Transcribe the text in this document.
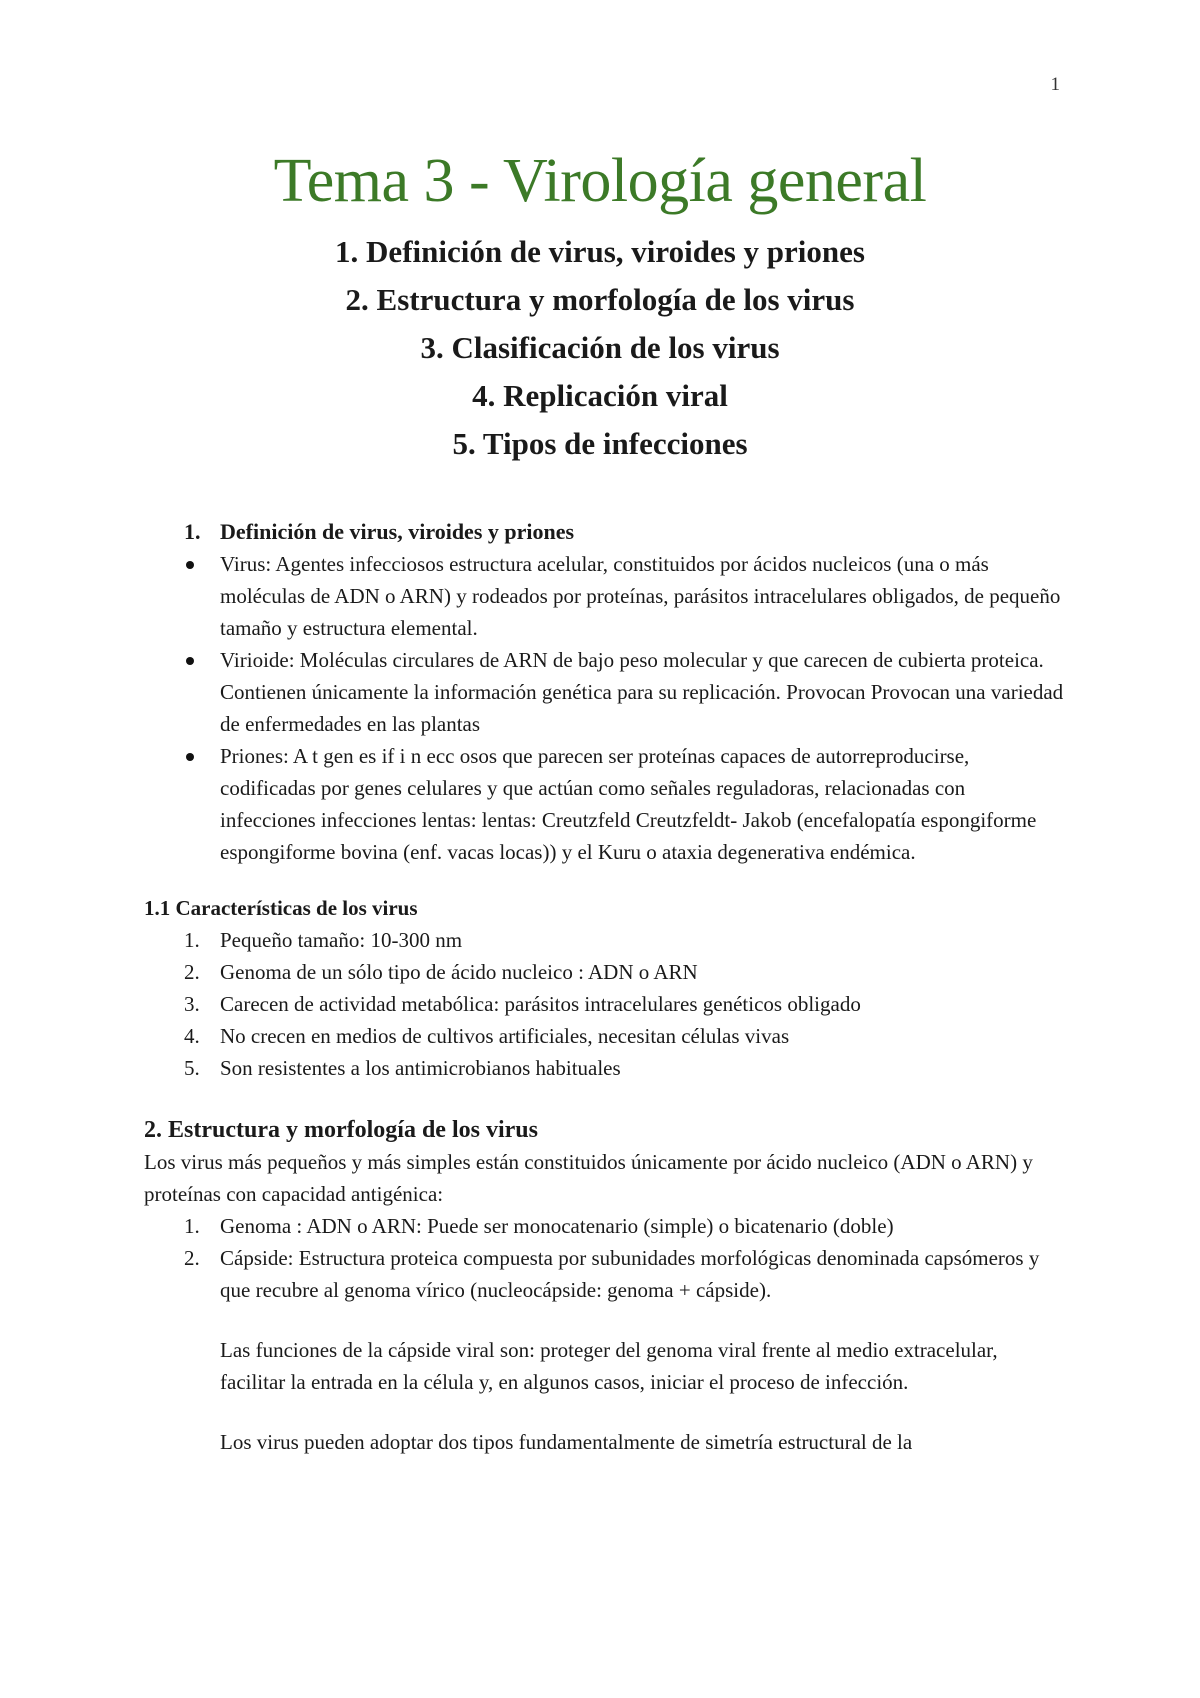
1
Tema 3 - Virología general
1. Definición de virus, viroides y priones
2. Estructura y morfología de los virus
3. Clasificación de los virus
4. Replicación viral
5. Tipos de infecciones
1. Definición de virus, viroides y priones
Virus: Agentes infecciosos estructura acelular, constituidos por ácidos nucleicos (una o más moléculas de ADN o ARN) y rodeados por proteínas, parásitos intracelulares obligados, de pequeño tamaño y estructura elemental.
Virioide: Moléculas circulares de ARN de bajo peso molecular y que carecen de cubierta proteica. Contienen únicamente la información genética para su replicación. Provocan Provocan una variedad de enfermedades en las plantas
Priones: A t gen es if i n ecc osos que parecen ser proteínas capaces de autorreproducirse, codificadas por genes celulares y que actúan como señales reguladoras, relacionadas con infecciones infecciones lentas: lentas: Creutzfeld Creutzfeldt- Jakob (encefalopatía espongiforme espongiforme bovina (enf. vacas locas)) y el Kuru o ataxia degenerativa endémica.
1.1 Características de los virus
1. Pequeño tamaño: 10-300 nm
2. Genoma de un sólo tipo de ácido nucleico : ADN o ARN
3. Carecen de actividad metabólica: parásitos intracelulares genéticos obligado
4. No crecen en medios de cultivos artificiales, necesitan células vivas
5. Son resistentes a los antimicrobianos habituales
2. Estructura y morfología de los virus

Los virus más pequeños y más simples están constituidos únicamente por ácido nucleico (ADN o ARN) y proteínas con capacidad antigénica:

1. Genoma : ADN o ARN: Puede ser monocatenario (simple) o bicatenario (doble)
2. Cápside: Estructura proteica compuesta por subunidades morfológicas denominada capsómeros y que recubre al genoma vírico (nucleocápside: genoma + cápside).

Las funciones de la cápside viral son: proteger del genoma viral frente al medio extracelular, facilitar la entrada en la célula y, en algunos casos, iniciar el proceso de infección.

Los virus pueden adoptar dos tipos fundamentalmente de simetría estructural de la
